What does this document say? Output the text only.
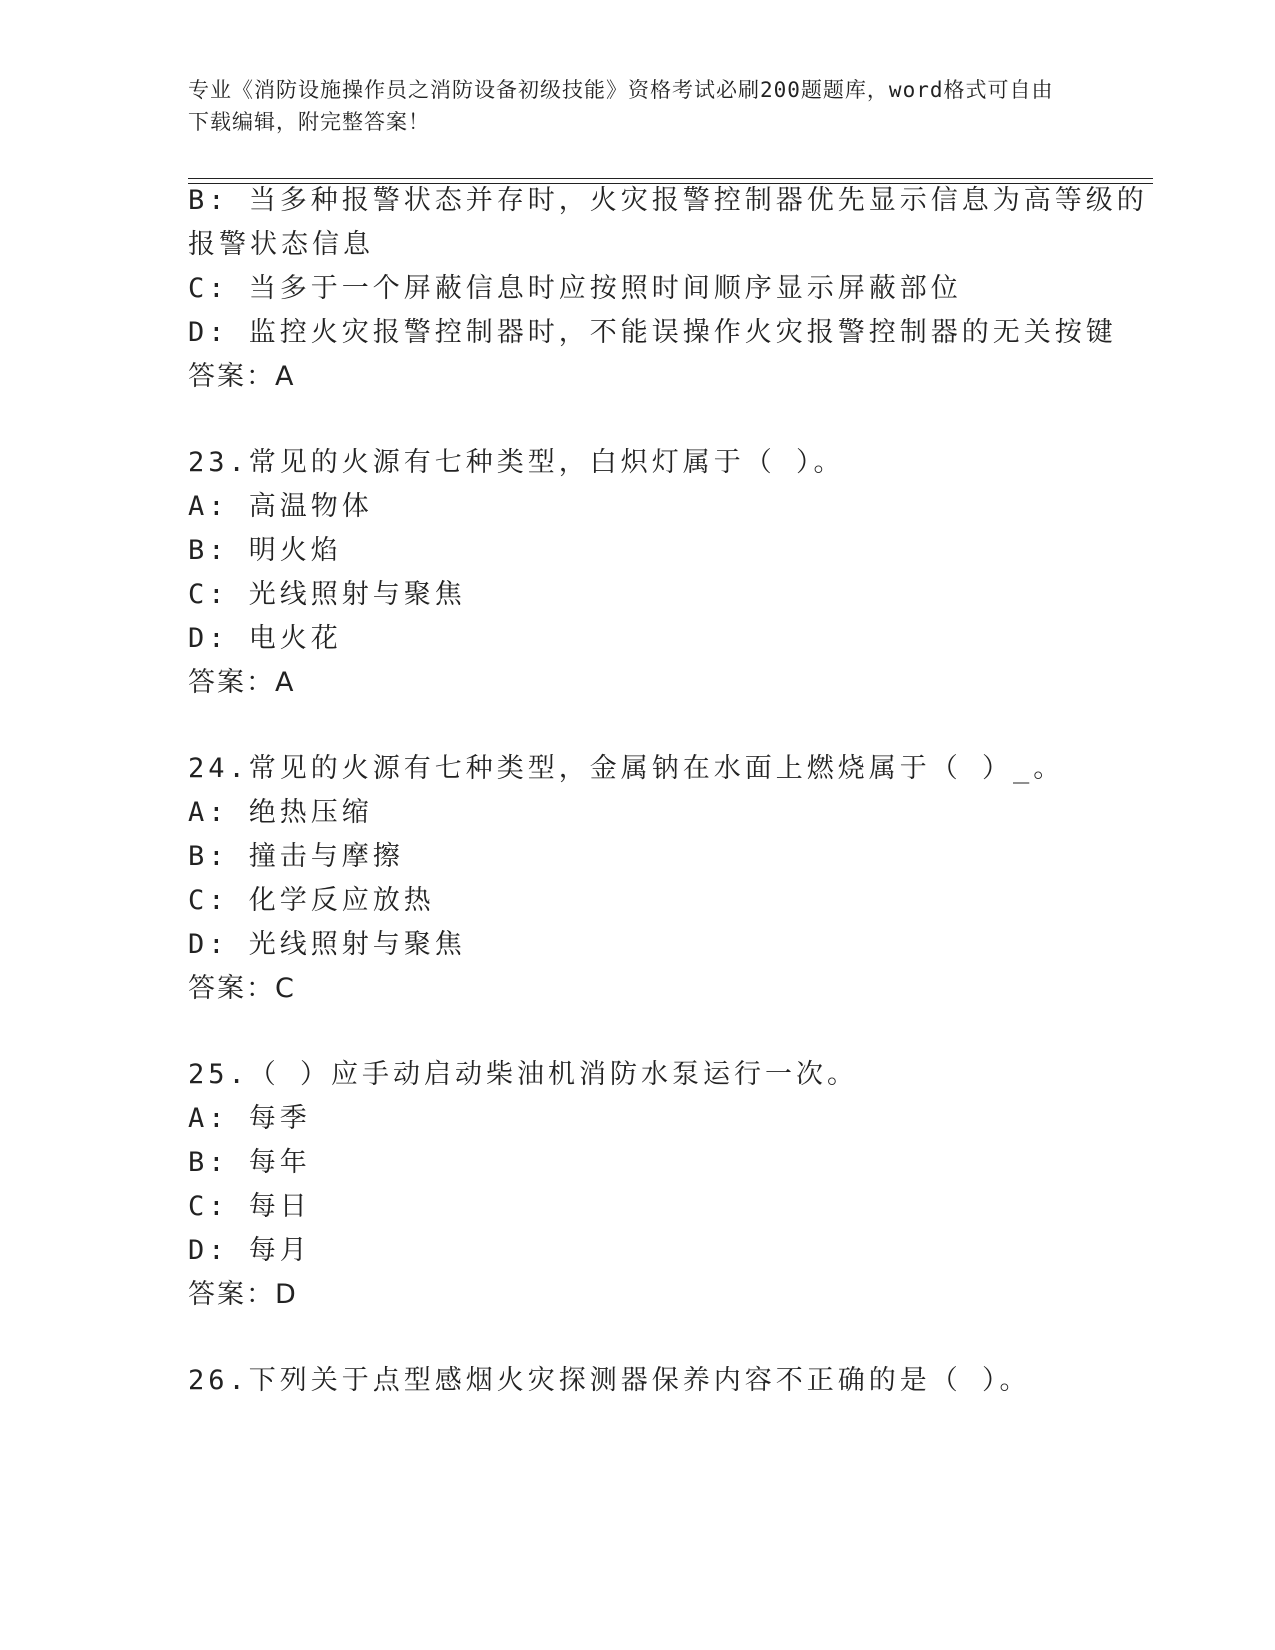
专业《消防设施操作员之消防设备初级技能》资格考试必刷200题题库，word格式可自由下载编辑，附完整答案！
B: 当多种报警状态并存时，火灾报警控制器优先显示信息为高等级的
报警状态信息
C: 当多于一个屏蔽信息时应按照时间顺序显示屏蔽部位
D: 监控火灾报警控制器时，不能误操作火灾报警控制器的无关按键
答案：A
23.常见的火源有七种类型，白炽灯属于（ ）。
A: 高温物体
B: 明火焰
C: 光线照射与聚焦
D: 电火花
答案：A
24.常见的火源有七种类型，金属钠在水面上燃烧属于（ ）_。
A: 绝热压缩
B: 撞击与摩擦
C: 化学反应放热
D: 光线照射与聚焦
答案：C
25.（ ）应手动启动柴油机消防水泵运行一次。
A: 每季
B: 每年
C: 每日
D: 每月
答案：D
26.下列关于点型感烟火灾探测器保养内容不正确的是（ ）。
